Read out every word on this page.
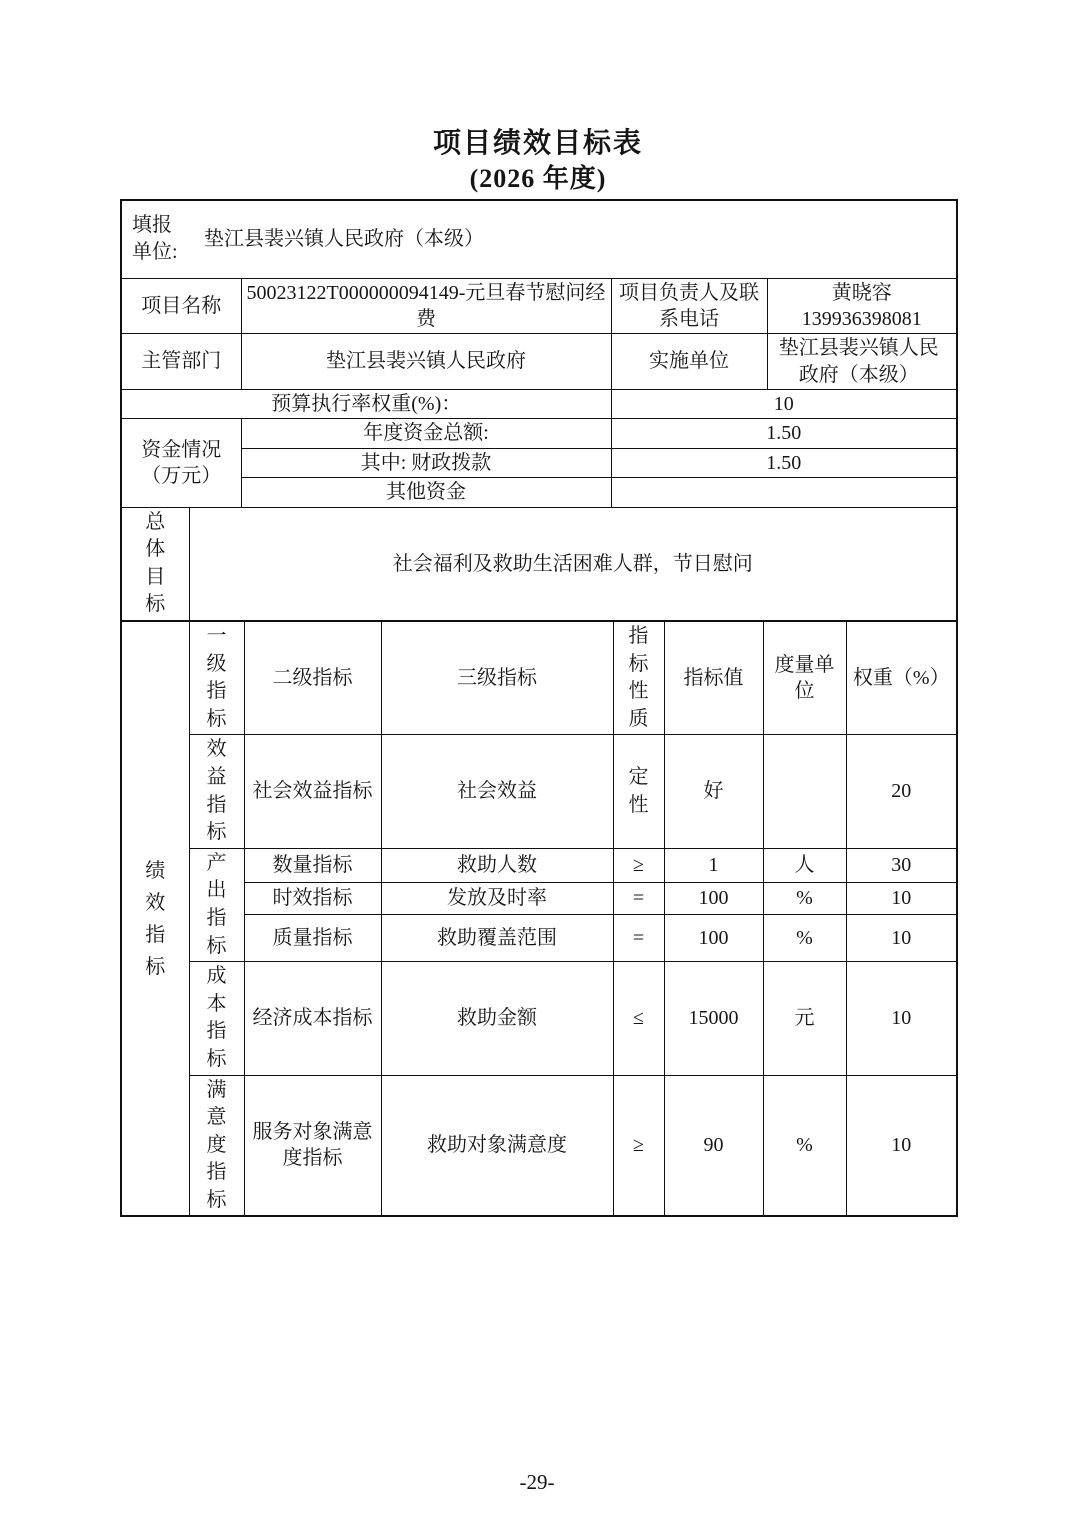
项目绩效目标表
(2026 年度)
填报单位:
垫江县裴兴镇人民政府（本级）				

项目名称		50023122T000000094149-元旦春节慰问经费	项目负责人及联系电话	黄晓容
139936398081

主管部门		垫江县裴兴镇人民政府	实施单位	垫江县裴兴镇人民政府（本级）
预算执行率权重(%)：			10	
资金情况（万元）		年度资金总额:	1.50	
		其中: 财政拨款	1.50	
		其他资金		
总体目标	社会福利及救助生活困难人群，节日慰问			
绩效指标	一级指标	二级指标	三级指标	指标性质	指标值	度量单位	权重（%）
	效益指标	社会效益指标	社会效益	定性	好		20
	产出指标	数量指标	救助人数	≥	1	人	30
		时效指标	发放及时率	=	100	%	10
		质量指标	救助覆盖范围	=	100	%	10
	成本指标	经济成本指标	救助金额	≤	15000	元	10
	满意度指标	服务对象满意度指标	救助对象满意度	≥	90	%	10
-29-
